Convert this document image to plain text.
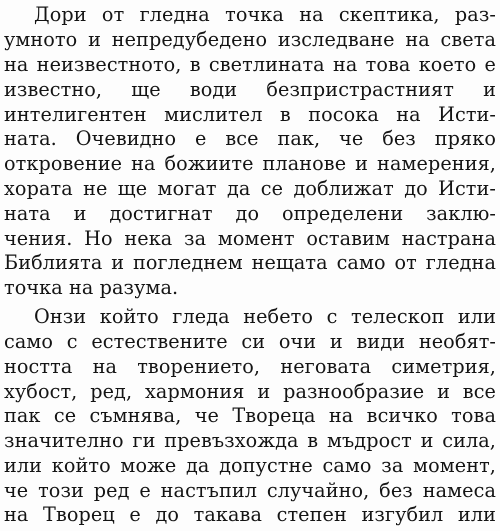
Дори от гледна точка на скептика, раз-
умното и непредубедено изследване на света
на неизвестното, в светлината на това което е
известно, ще води безпристрастният и
интелигентен мислител в посока на Исти-
ната. Очевидно е все пак, че без пряко
откровение на божиите планове и намерения,
хората не ще могат да се доближат до Исти-
ната и достигнат до определени заклю-
чения. Но нека за момент оставим настрана
Библията и погледнем нещата само от гледна
точка на разума.
Онзи който гледа небето с телескоп или
само с естествените си очи и види необят-
ността на творението, неговата симетрия,
хубост, ред, хармония и разнообразие и все
пак се съмнява, че Твореца на всичко това
значително ги превъзхожда в мъдрост и сила,
или който може да допустне само за момент,
че този ред е настъпил случайно, без намеса
на Творец е до такава степен изгубил или
